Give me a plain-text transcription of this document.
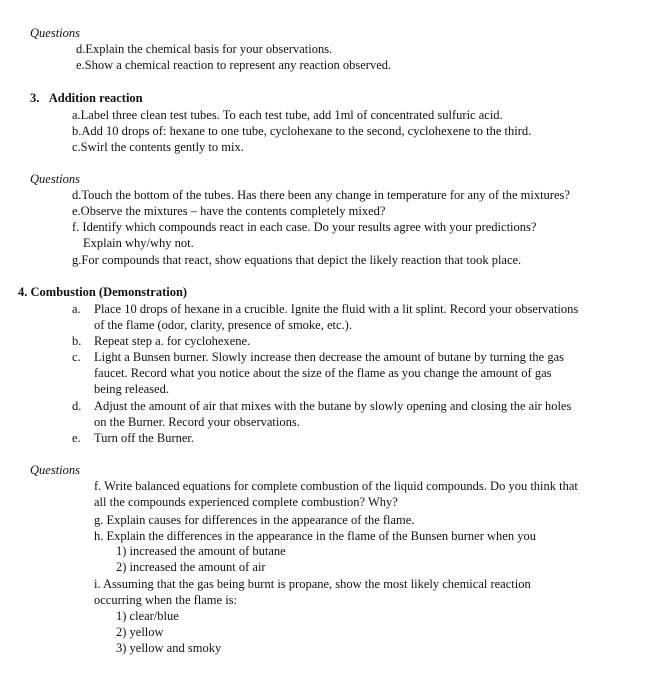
Questions
d.Explain the chemical basis for your observations.
e.Show a chemical reaction to represent any reaction observed.
3. Addition reaction
a.Label three clean test tubes. To each test tube, add 1ml of concentrated sulfuric acid.
b.Add 10 drops of: hexane to one tube, cyclohexane to the second, cyclohexene to the third.
c.Swirl the contents gently to mix.
Questions
d.Touch the bottom of the tubes. Has there been any change in temperature for any of the mixtures?
e.Observe the mixtures – have the contents completely mixed?
f. Identify which compounds react in each case. Do your results agree with your predictions?
Explain why/why not.
g.For compounds that react, show equations that depict the likely reaction that took place.
4. Combustion (Demonstration)
a. Place 10 drops of hexane in a crucible. Ignite the fluid with a lit splint. Record your observations
of the flame (odor, clarity, presence of smoke, etc.).
b. Repeat step a. for cyclohexene.
c. Light a Bunsen burner. Slowly increase then decrease the amount of butane by turning the gas
faucet. Record what you notice about the size of the flame as you change the amount of gas
being released.
d. Adjust the amount of air that mixes with the butane by slowly opening and closing the air holes
on the Burner. Record your observations.
e. Turn off the Burner.
Questions
f. Write balanced equations for complete combustion of the liquid compounds. Do you think that
all the compounds experienced complete combustion? Why?
g. Explain causes for differences in the appearance of the flame.
h. Explain the differences in the appearance in the flame of the Bunsen burner when you
1) increased the amount of butane
2) increased the amount of air
i. Assuming that the gas being burnt is propane, show the most likely chemical reaction
occurring when the flame is:
1) clear/blue
2) yellow
3) yellow and smoky
